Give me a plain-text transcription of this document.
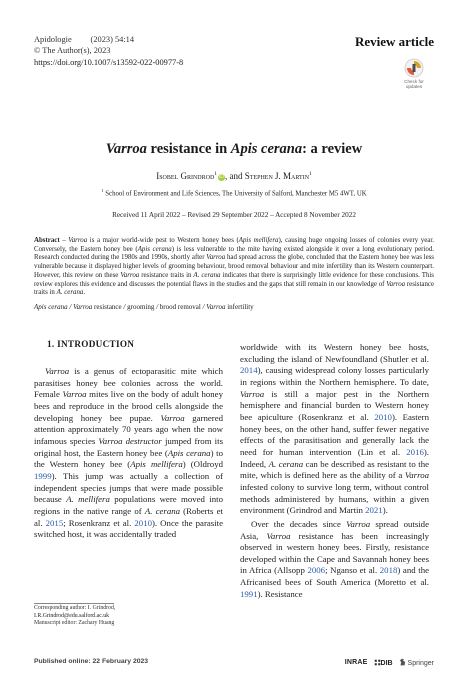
Apidologie (2023) 54:14
© The Author(s), 2023
https://doi.org/10.1007/s13592-022-00977-8
Review article
Check for
updates
Varroa resistance in Apis cerana: a review
Isobel Grindrod$^1$ iD, and Stephen J. Martin$^1$
$^1$ School of Environment and Life Sciences, The University of Salford, Manchester M5 4WT, UK
Received 11 April 2022 – Revised 29 September 2022 – Accepted 8 November 2022
Abstract – Varroa is a major world-wide pest to Western honey bees (Apis mellifera), causing huge ongoing losses of colonies every year. Conversely, the Eastern honey bee (Apis cerana) is less vulnerable to the mite having existed alongside it over a long evolutionary period. Research conducted during the 1980s and 1990s, shortly after Varroa had spread across the globe, concluded that the Eastern honey bee was less vulnerable because it displayed higher levels of grooming behaviour, brood removal behaviour and mite infertility than its Western counterpart. However, this review on these Varroa resistance traits in A. cerana indicates that there is surprisingly little evidence for these conclusions. This review explores this evidence and discusses the potential flaws in the studies and the gaps that still remain in our knowledge of Varroa resistance traits in A. cerana.
Apis cerana / Varroa resistance / grooming / brood removal / Varroa infertility
1. INTRODUCTION

Varroa is a genus of ectoparasitic mite which parasitises honey bee colonies across the world. Female Varroa mites live on the body of adult honey bees and reproduce in the brood cells alongside the developing honey bee pupae. Varroa garnered attention approximately 70 years ago when the now infamous species Varroa destructor jumped from its original host, the Eastern honey bee (Apis cerana) to the Western honey bee (Apis mellifera) (Oldroyd 1999). This jump was actually a collection of independent species jumps that were made possible because A. mellifera populations were moved into regions in the native range of A. cerana (Roberts et al. 2015; Rosenkranz et al. 2010). Once the parasite switched host, it was accidentally traded

worldwide with its Western honey bee hosts, excluding the island of Newfoundland (Shutler et al. 2014), causing widespread colony losses particularly in regions within the Northern hemisphere. To date, Varroa is still a major pest in the Northern hemisphere and financial burden to Western honey bee apiculture (Rosenkranz et al. 2010). Eastern honey bees, on the other hand, suffer fewer negative effects of the parasitisation and generally lack the need for human intervention (Lin et al. 2016). Indeed, A. cerana can be described as resistant to the mite, which is defined here as the ability of a Varroa infested colony to survive long term, without control methods administered by humans, within a given environment (Grindrod and Martin 2021).

Over the decades since Varroa spread outside Asia, Varroa resistance has been increasingly observed in western honey bees. Firstly, resistance developed within the Cape and Savannah honey bees in Africa (Allsopp 2006; Nganso et al. 2018) and the Africanised bees of South America (Moretto et al. 1991). Resistance

Corresponding author: I. Grindrod,
I.R.Grindrod@edu.salford.ac.uk
Manuscript editor: Zachary Huang
Published online: 22 February 2023	INRAE	DIB	Springer
